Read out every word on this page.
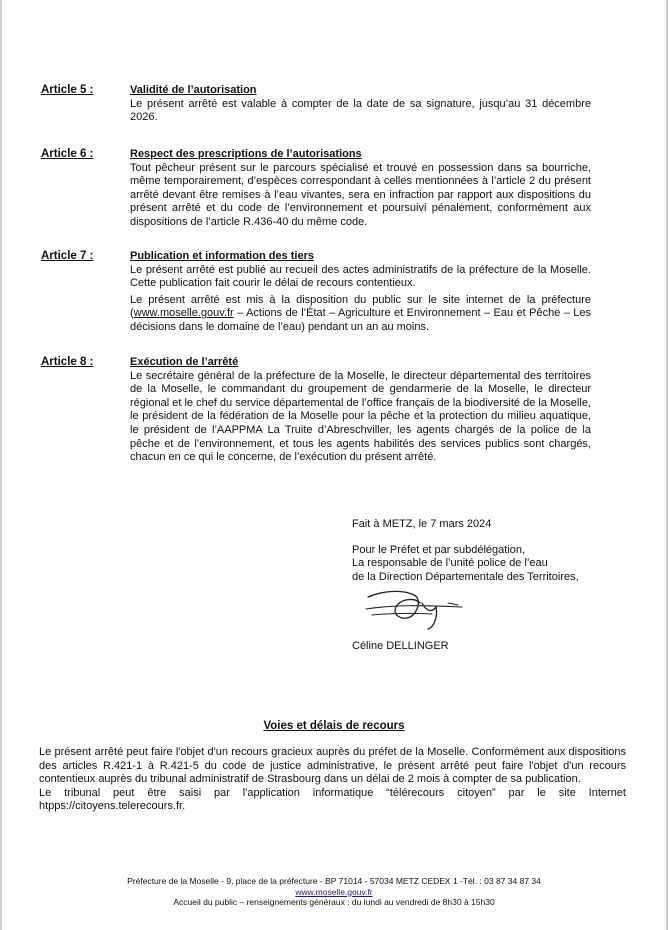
Article 5 :	Validité de l’autorisation

Le présent arrêté est valable à compter de la date de sa signature, jusqu’au 31 décembre 2026.

Article 6 :	Respect des prescriptions de l’autorisations

Tout pêcheur présent sur le parcours spécialisé et trouvé en possession dans sa bourriche, même temporairement, d’espèces correspondant à celles mentionnées à l’article 2 du présent arrêté devant être remises à l’eau vivantes, sera en infraction par rapport aux dispositions du présent arrêté et du code de l’environnement et poursuivi pénalement, conformément aux dispositions de l’article R.436-40 du même code.

Article 7 :	Publication et information des tiers

Le présent arrêté est publié au recueil des actes administratifs de la préfecture de la Moselle. Cette publication fait courir le délai de recours contentieux.

Le présent arrêté est mis à la disposition du public sur le site internet de la préfecture (www.moselle.gouv.fr – Actions de l’État – Agriculture et Environnement – Eau et Pêche – Les décisions dans le domaine de l’eau) pendant un an au moins.

Article 8 :	Exécution de l’arrêté

Le secrétaire général de la préfecture de la Moselle, le directeur départemental des territoires de la Moselle, le commandant du groupement de gendarmerie de la Moselle, le directeur régional et le chef du service départemental de l’office français de la biodiversité de la Moselle, le président de la fédération de la Moselle pour la pêche et la protection du milieu aquatique, le président de l’AAPPMA La Truite d’Abreschviller, les agents chargés de la police de la pêche et de l’environnement, et tous les agents habilités des services publics sont chargés, chacun en ce qui le concerne, de l’exécution du présent arrêté.

Fait à METZ, le 7 mars 2024
Pour le Préfet et par subdélégation,
La responsable de l’unité police de l’eau
de la Direction Départementale des Territoires,
Céline DELLINGER
Voies et délais de recours

Le présent arrêté peut faire l'objet d'un recours gracieux auprès du préfet de la Moselle. Conformément aux dispositions des articles R.421-1 à R.421-5 du code de justice administrative, le présent arrêté peut faire l'objet d'un recours contentieux auprès du tribunal administratif de Strasbourg dans un délai de 2 mois à compter de sa publication.

Le tribunal peut être saisi par l'application informatique “télérecours citoyen” par le site Internet htpps://citoyens.telerecours.fr.

Préfecture de la Moselle - 9, place de la préfecture - BP 71014 - 57034 METZ CEDEX 1 -Tél. : 03 87 34 87 34
www.moselle.gouv.fr
Accueil du public – renseignements généraux : du lundi au vendredi de 8h30 à 15h30
